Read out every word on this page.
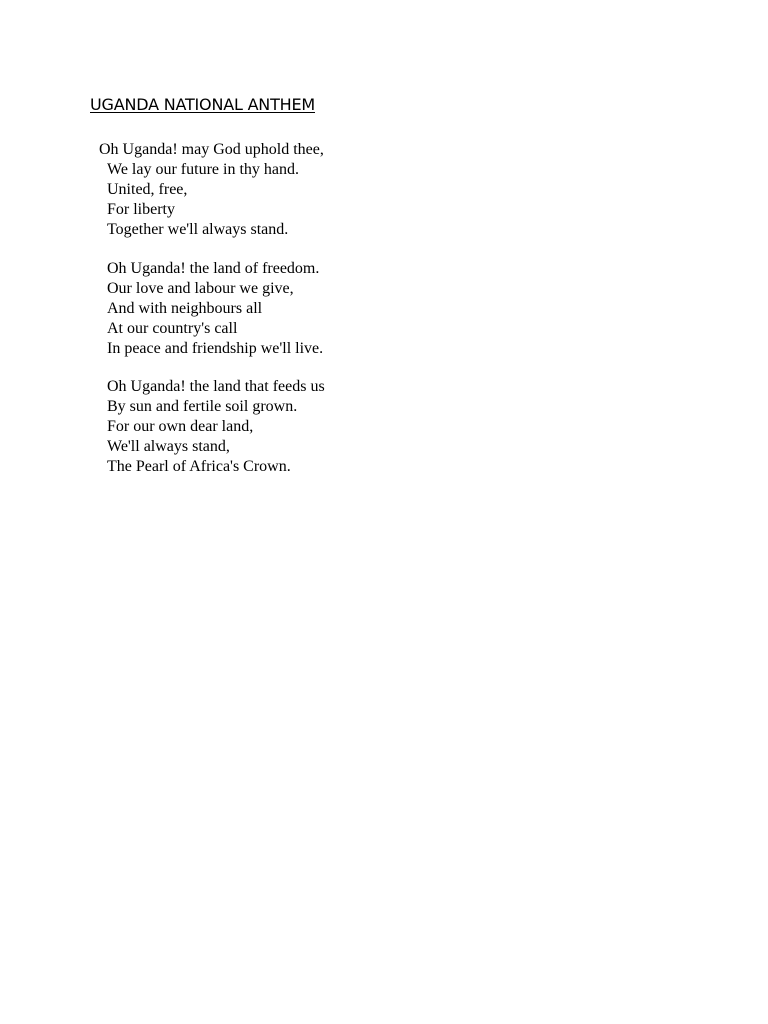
UGANDA NATIONAL ANTHEM
Oh Uganda! may God uphold thee,
We lay our future in thy hand.
United, free,
For liberty
Together we'll always stand.
Oh Uganda! the land of freedom.
Our love and labour we give,
And with neighbours all
At our country's call
In peace and friendship we'll live.
Oh Uganda! the land that feeds us
By sun and fertile soil grown.
For our own dear land,
We'll always stand,
The Pearl of Africa's Crown.
